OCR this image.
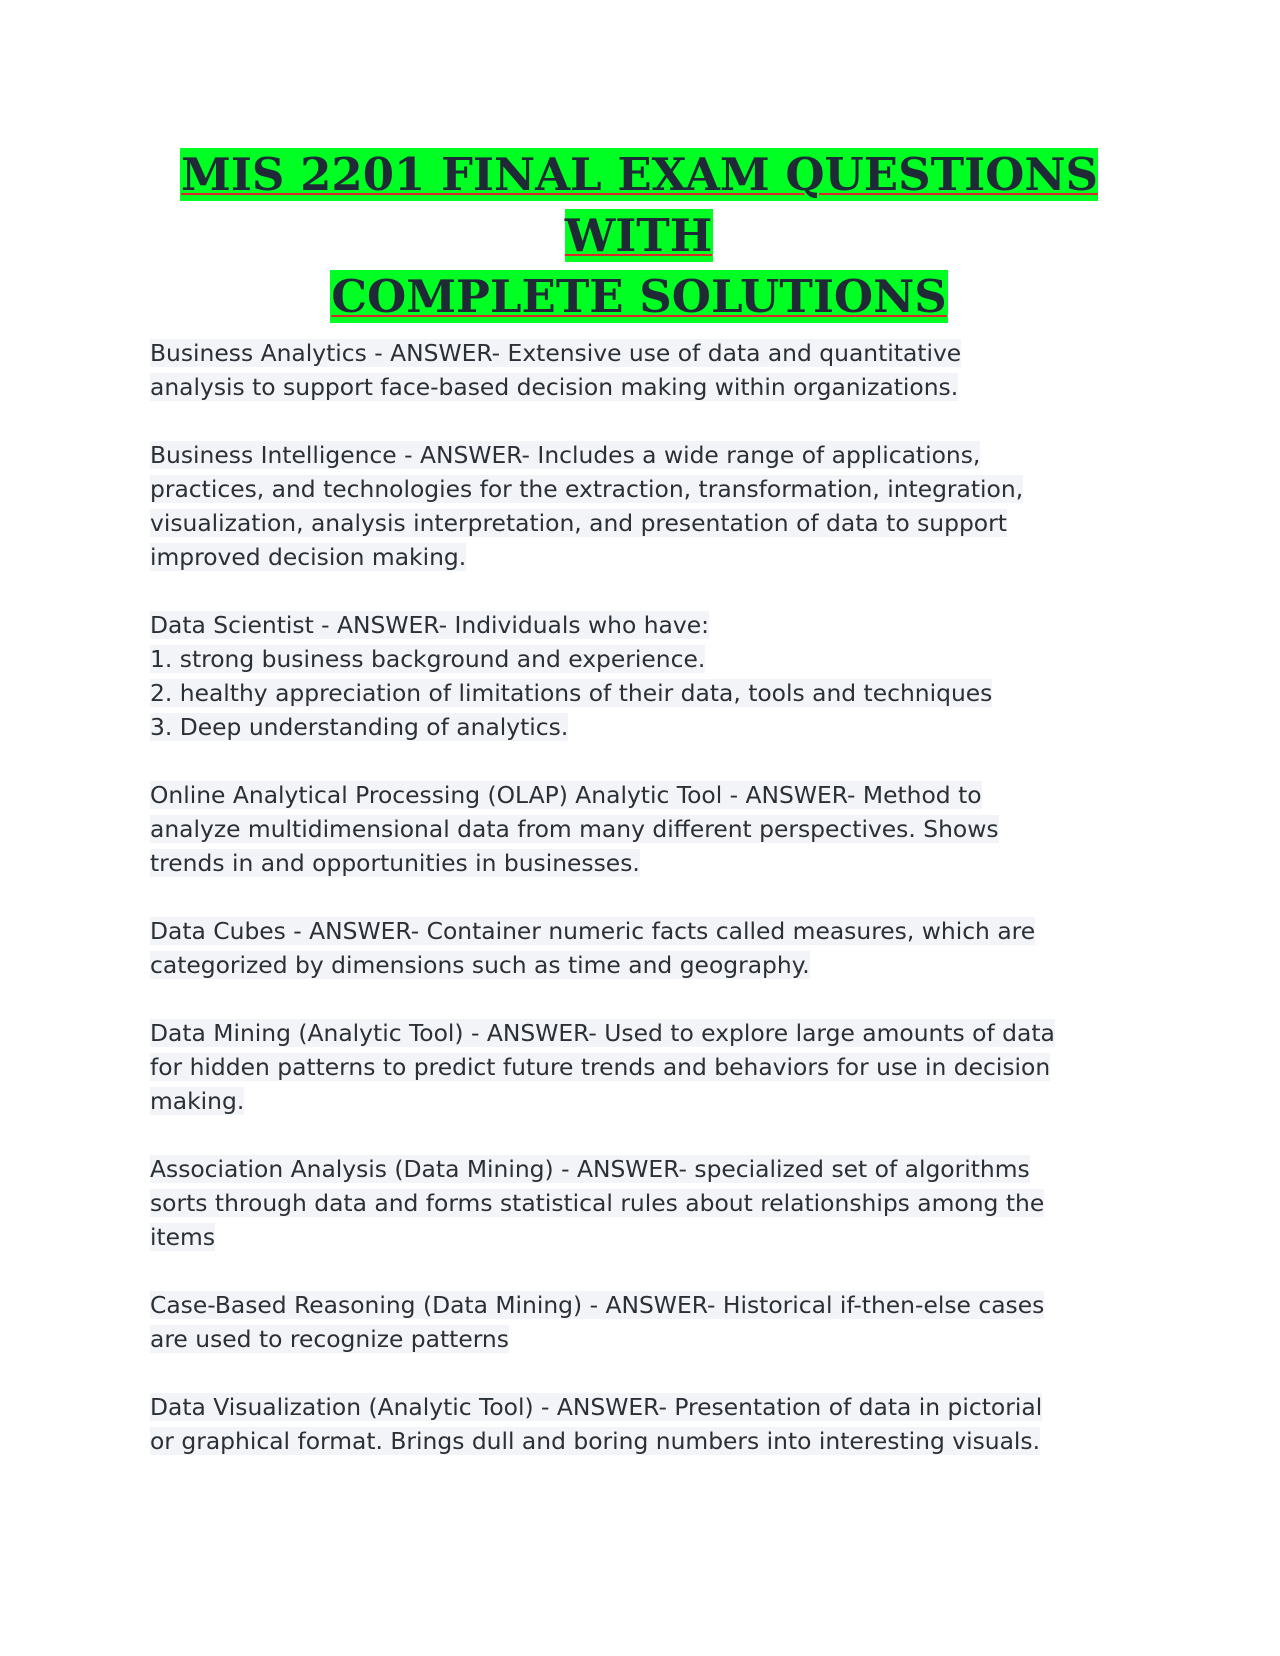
MIS 2201 FINAL EXAM QUESTIONS WITH
COMPLETE SOLUTIONS
Business Analytics - ANSWER- Extensive use of data and quantitative
analysis to support face-based decision making within organizations.
Business Intelligence - ANSWER- Includes a wide range of applications,
practices, and technologies for the extraction, transformation, integration,
visualization, analysis interpretation, and presentation of data to support
improved decision making.
Data Scientist - ANSWER- Individuals who have:
1. strong business background and experience.
2. healthy appreciation of limitations of their data, tools and techniques
3. Deep understanding of analytics.
Online Analytical Processing (OLAP) Analytic Tool - ANSWER- Method to
analyze multidimensional data from many different perspectives. Shows
trends in and opportunities in businesses.
Data Cubes - ANSWER- Container numeric facts called measures, which are
categorized by dimensions such as time and geography.
Data Mining (Analytic Tool) - ANSWER- Used to explore large amounts of data
for hidden patterns to predict future trends and behaviors for use in decision
making.
Association Analysis (Data Mining) - ANSWER- specialized set of algorithms
sorts through data and forms statistical rules about relationships among the
items
Case-Based Reasoning (Data Mining) - ANSWER- Historical if-then-else cases
are used to recognize patterns
Data Visualization (Analytic Tool) - ANSWER- Presentation of data in pictorial
or graphical format. Brings dull and boring numbers into interesting visuals.
